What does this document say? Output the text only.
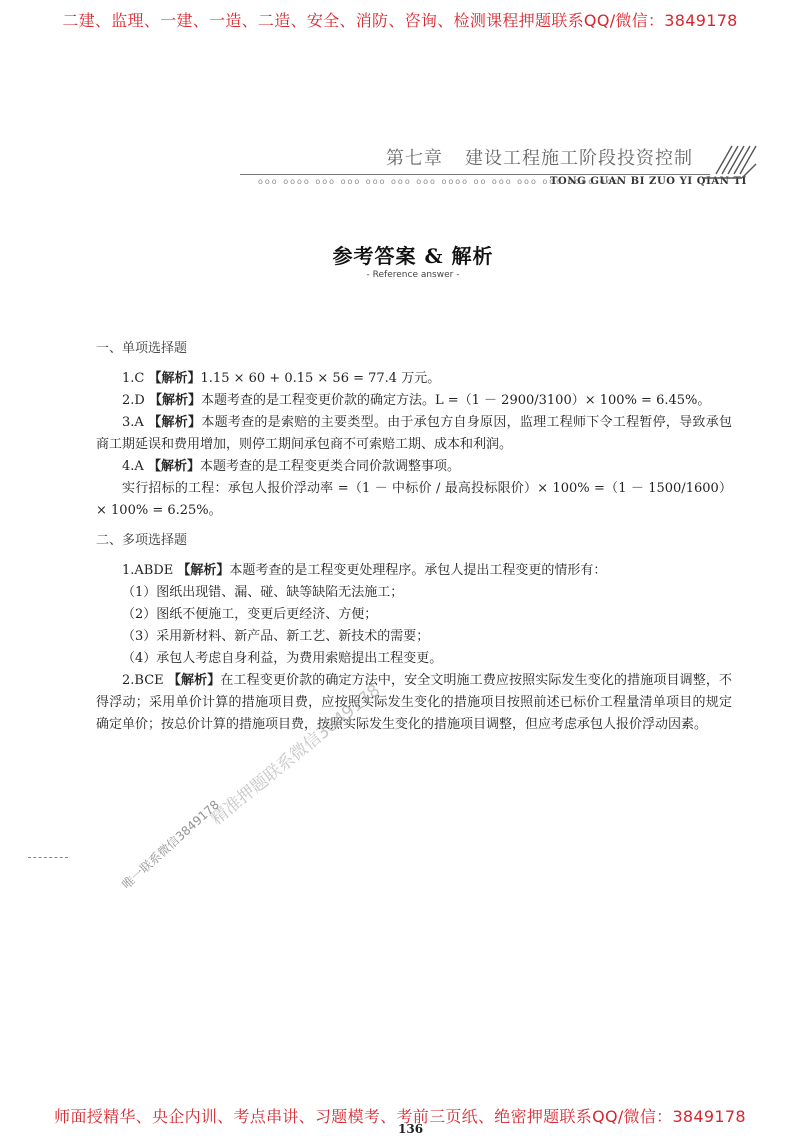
二建、监理、一建、一造、二造、安全、消防、咨询、检测课程押题联系QQ/微信：3849178
第七章 建设工程施工阶段投资控制
ooo oooo ooo ooo ooo ooo ooo oooo oo ooo ooo ooo oooo ooo
TONG GUAN BI ZUO YI QIAN TI
参考答案 & 解析
- Reference answer -

一、单项选择题

1.C 【解析】1.15 × 60 + 0.15 × 56 = 77.4 万元。

2.D 【解析】本题考查的是工程变更价款的确定方法。L =（1 － 2900/3100）× 100% = 6.45%。

3.A 【解析】本题考查的是索赔的主要类型。由于承包方自身原因，监理工程师下令工程暂停，导致承包商工期延误和费用增加，则停工期间承包商不可索赔工期、成本和利润。

4.A 【解析】本题考查的是工程变更类合同价款调整事项。

实行招标的工程：承包人报价浮动率 =（1 － 中标价 / 最高投标限价）× 100% =（1 － 1500/1600）× 100% = 6.25%。

二、多项选择题

1.ABDE 【解析】本题考查的是工程变更处理程序。承包人提出工程变更的情形有：

（1）图纸出现错、漏、碰、缺等缺陷无法施工；

（2）图纸不便施工，变更后更经济、方便；

（3）采用新材料、新产品、新工艺、新技术的需要；

（4）承包人考虑自身利益，为费用索赔提出工程变更。

2.BCE 【解析】在工程变更价款的确定方法中，安全文明施工费应按照实际发生变化的措施项目调整，不得浮动；采用单价计算的措施项目费，应按照实际发生变化的措施项目按照前述已标价工程量清单项目的规定确定单价；按总价计算的措施项目费，按照实际发生变化的措施项目调整，但应考虑承包人报价浮动因素。

精准押题联系微信3849178
唯一联系微信3849178
师面授精华、央企内训、考点串讲、习题模考、考前三页纸、绝密押题联系QQ/微信：3849178
136
